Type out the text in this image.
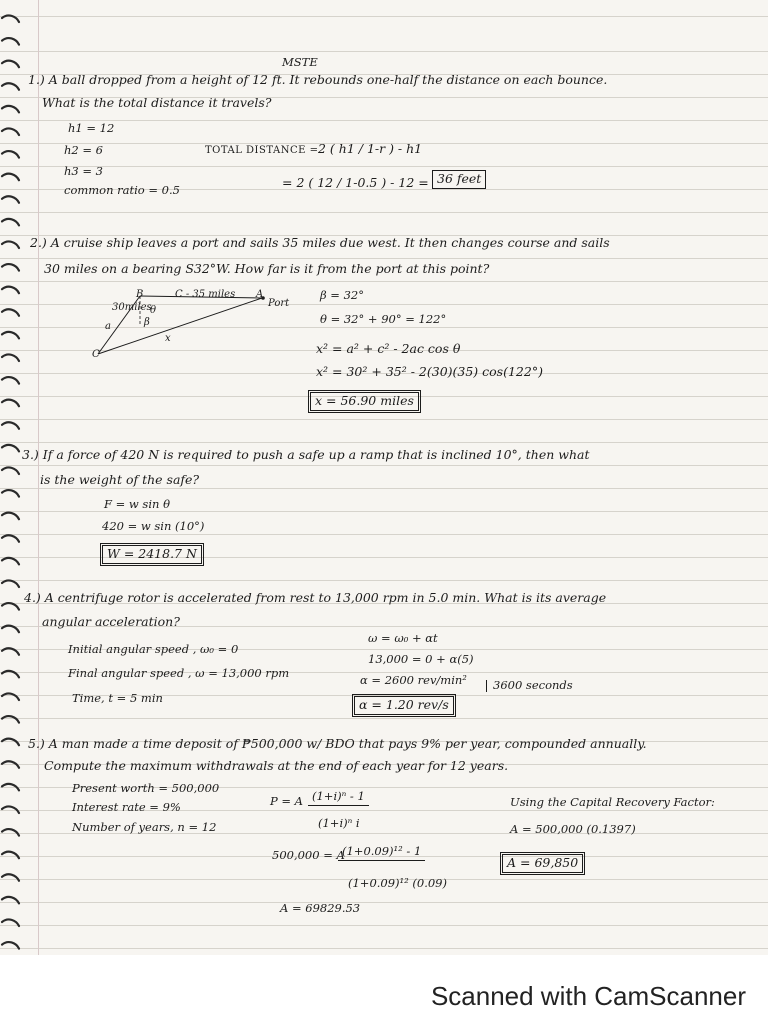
MSTE
1.) A ball dropped from a height of 12 ft. It rebounds one-half the distance on each bounce.
What is the total distance it travels?
h1 = 12
h2 = 6
h3 = 3
common ratio = 0.5
TOTAL DISTANCE = 2 ( h1 / 1-r ) - h1
= 2 ( 12 / 1-0.5 ) - 12 = 36 feet
2.) A cruise ship leaves a port and sails 35 miles due west. It then changes course and sails
30 miles on a bearing S32°W. How far is it from the port at this point?
B	C - 35 miles A
Port
30miles
β
θ
a
C
x
β = 32°
θ = 32° + 90° = 122°
x² = a² + c² - 2ac cos θ
x² = 30² + 35² - 2(30)(35) cos(122°)
x = 56.90 miles
3.) If a force of 420 N is required to push a safe up a ramp that is inclined 10°, then what
is the weight of the safe?
F = w sin θ
420 = w sin (10°)
W = 2418.7 N
4.) A centrifuge rotor is accelerated from rest to 13,000 rpm in 5.0 min. What is its average
angular acceleration?
Initial angular speed , ω₀ = 0
Final angular speed , ω = 13,000 rpm
Time, t = 5 min
ω = ω₀ + αt
13,000 = 0 + α(5)
α = 2600 rev/min²	3600 seconds
α = 1.20 rev/s
5.) A man made a time deposit of ₱500,000 w/ BDO that pays 9% per year, compounded annually.
Compute the maximum withdrawals at the end of each year for 12 years.
Present worth = 500,000
Interest rate = 9%
Number of years, n = 12
P = A (1+i)ⁿ - 1
(1+i)ⁿ i
500,000 = A
(1+0.09)¹² - 1
(1+0.09)¹² (0.09)
A = 69829.53
Using the Capital Recovery Factor:
A = 500,000 (0.1397)
A = 69,850
Scanned with CamScanner
